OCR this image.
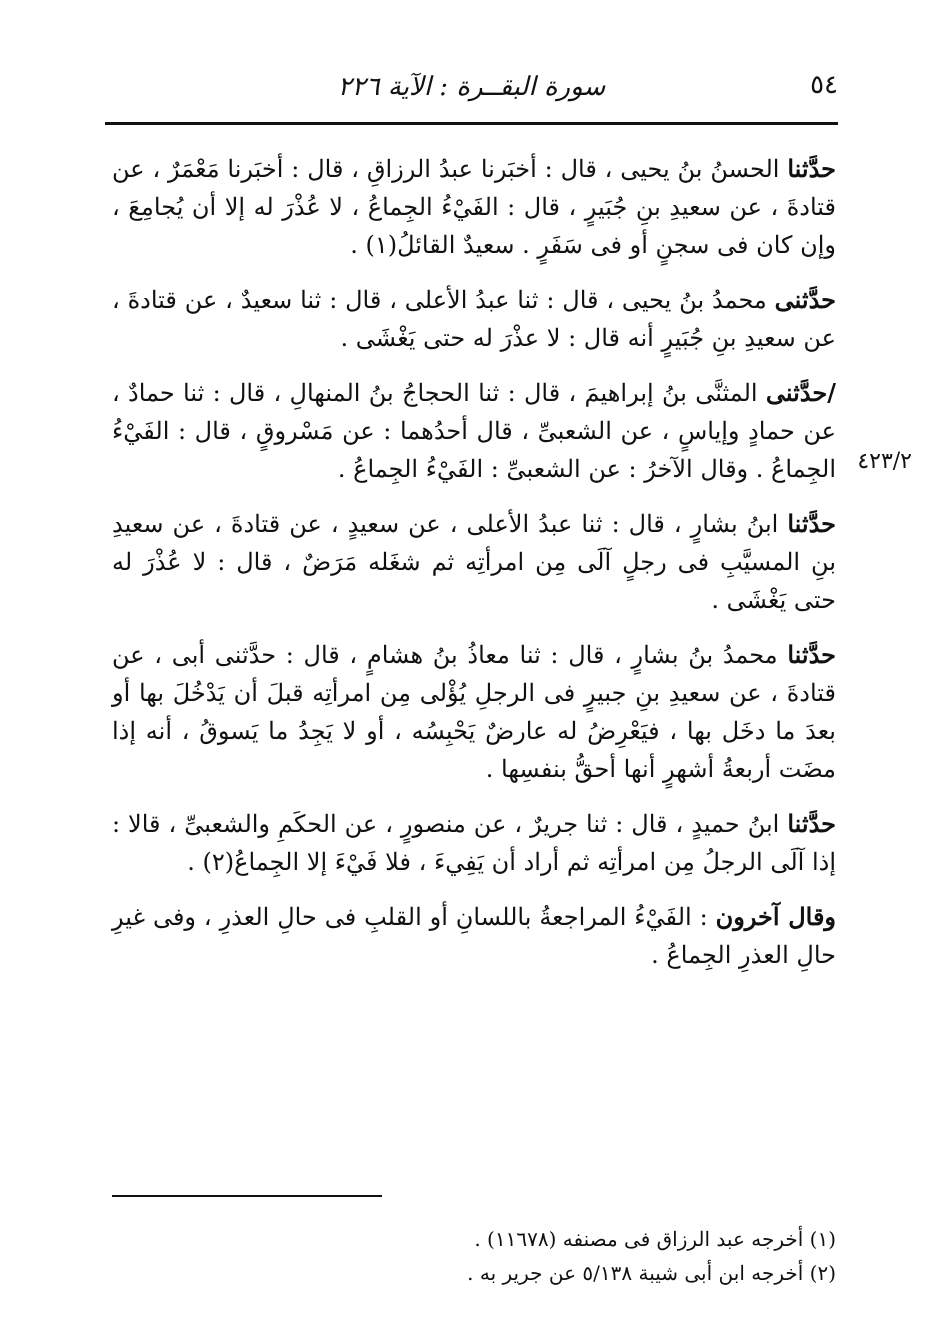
٥٤
سورة البقــرة : الآية ٢٢٦
٤٢٣/٢

حدَّثنا الحسنُ بنُ يحيى ، قال : أخبَرنا عبدُ الرزاقِ ، قال : أخبَرنا مَعْمَرٌ ، عن قتادةَ ، عن سعيدِ بنِ جُبَيرٍ ، قال : الفَيْءُ الجِماعُ ، لا عُذْرَ له إلا أن يُجامِعَ ، وإن كان فى سجنٍ أو فى سَفَرٍ . سعيدٌ القائلُ(١) .

حدَّثنى محمدُ بنُ يحيى ، قال : ثنا عبدُ الأعلى ، قال : ثنا سعيدٌ ، عن قتادةَ ، عن سعيدِ بنِ جُبَيرٍ أنه قال : لا عذْرَ له حتى يَغْشَى .

/حدَّثنى المثنَّى بنُ إبراهيمَ ، قال : ثنا الحجاجُ بنُ المنهالِ ، قال : ثنا حمادٌ ، عن حمادٍ وإياسٍ ، عن الشعبىِّ ، قال أحدُهما : عن مَسْروقٍ ، قال : الفَيْءُ الجِماعُ . وقال الآخرُ : عن الشعبىِّ : الفَيْءُ الجِماعُ .

حدَّثنا ابنُ بشارٍ ، قال : ثنا عبدُ الأعلى ، عن سعيدٍ ، عن قتادةَ ، عن سعيدِ بنِ المسيَّبِ فى رجلٍ آلَى مِن امرأتِه ثم شغَله مَرَضٌ ، قال : لا عُذْرَ له حتى يَغْشَى .

حدَّثنا محمدُ بنُ بشارٍ ، قال : ثنا معاذُ بنُ هشامٍ ، قال : حدَّثنى أبى ، عن قتادةَ ، عن سعيدِ بنِ جبيرٍ فى الرجلِ يُؤْلى مِن امرأتِه قبلَ أن يَدْخُلَ بها أو بعدَ ما دخَل بها ، فيَعْرِضُ له عارضٌ يَحْبِسُه ، أو لا يَجِدُ ما يَسوقُ ، أنه إذا مضَت أربعةُ أشهرٍ أنها أحقُّ بنفسِها .

حدَّثنا ابنُ حميدٍ ، قال : ثنا جريرٌ ، عن منصورٍ ، عن الحكَمِ والشعبىِّ ، قالا : إذا آلَى الرجلُ مِن امرأتِه ثم أراد أن يَفِيءَ ، فلا فَيْءَ إلا الجِماعُ(٢) .

وقال آخرون : الفَيْءُ المراجعةُ باللسانِ أو القلبِ فى حالِ العذرِ ، وفى غيرِ حالِ العذرِ الجِماعُ .

(١) أخرجه عبد الرزاق فى مصنفه (١١٦٧٨) .

(٢) أخرجه ابن أبى شيبة ٥/١٣٨ عن جرير به .
